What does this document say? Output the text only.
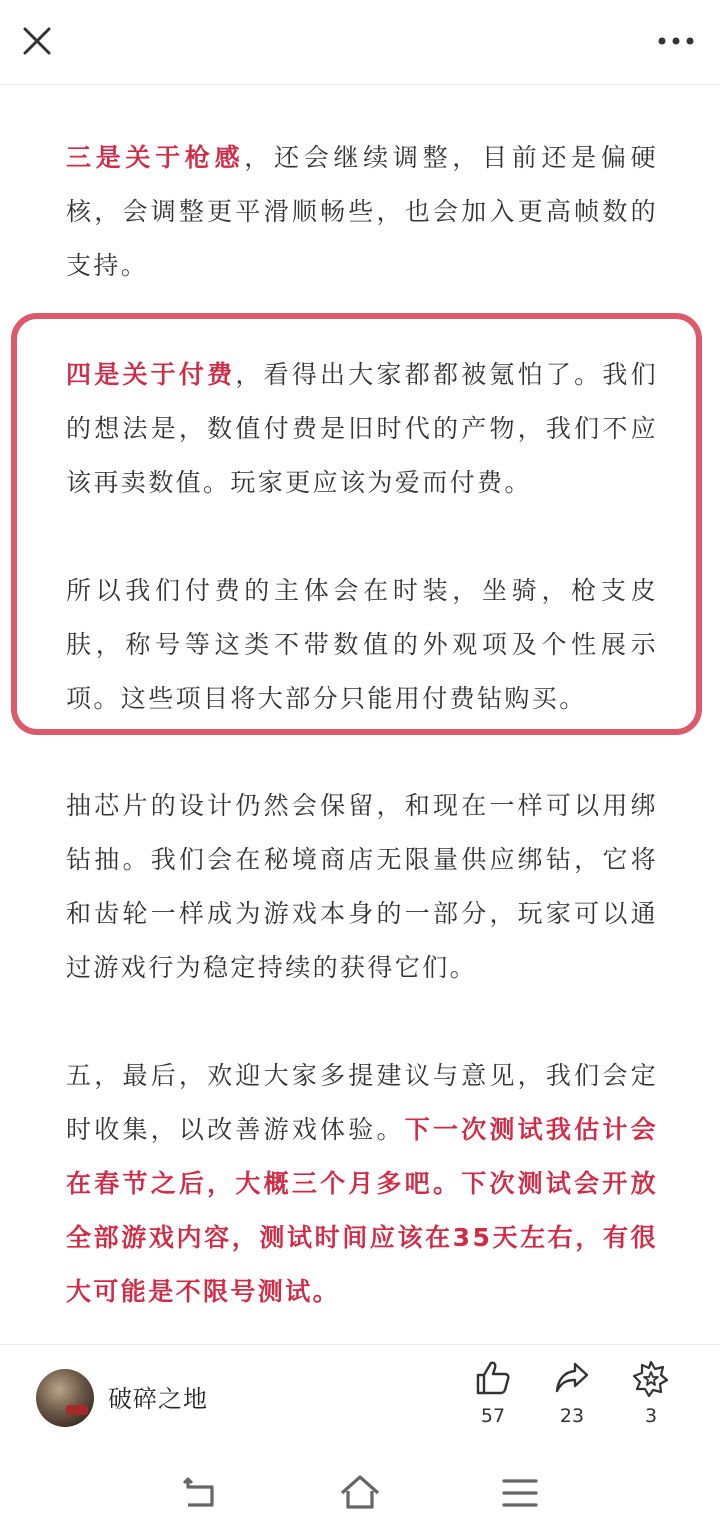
三是关于枪感，还会继续调整，目前还是偏硬核，会调整更平滑顺畅些，也会加入更高帧数的支持。
四是关于付费，看得出大家都都被氪怕了。我们的想法是，数值付费是旧时代的产物，我们不应该再卖数值。玩家更应该为爱而付费。
所以我们付费的主体会在时装，坐骑，枪支皮肤，称号等这类不带数值的外观项及个性展示项。这些项目将大部分只能用付费钻购买。
抽芯片的设计仍然会保留，和现在一样可以用绑钻抽。我们会在秘境商店无限量供应绑钻，它将和齿轮一样成为游戏本身的一部分，玩家可以通过游戏行为稳定持续的获得它们。
五，最后，欢迎大家多提建议与意见，我们会定时收集，以改善游戏体验。下一次测试我估计会在春节之后，大概三个月多吧。下次测试会开放全部游戏内容，测试时间应该在35天左右，有很大可能是不限号测试。
破碎之地
57	23	3
